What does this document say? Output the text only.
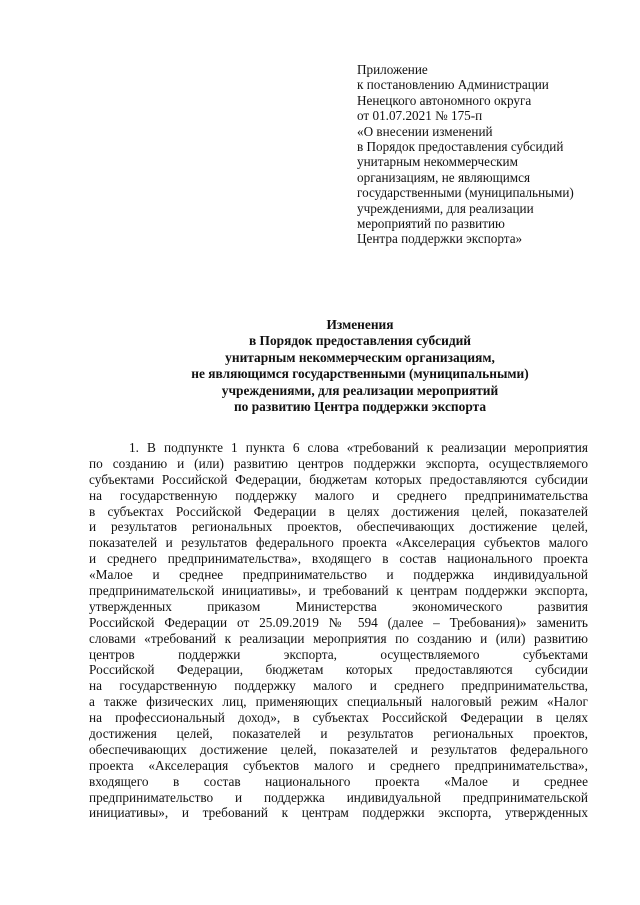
Приложение
к постановлению Администрации
Ненецкого автономного округа
от 01.07.2021 № 175-п
«О внесении изменений
в Порядок предоставления субсидий
унитарным некоммерческим
организациям, не являющимся
государственными (муниципальными)
учреждениями, для реализации
мероприятий по развитию
Центра поддержки экспорта»
Изменения
в Порядок предоставления субсидий
унитарным некоммерческим организациям,
не являющимся государственными (муниципальными)
учреждениями, для реализации мероприятий
по развитию Центра поддержки экспорта
1. В подпункте 1 пункта 6 слова «требований к реализации мероприятия
по созданию и (или) развитию центров поддержки экспорта, осуществляемого
субъектами Российской Федерации, бюджетам которых предоставляются субсидии
на государственную поддержку малого и среднего предпринимательства
в субъектах Российской Федерации в целях достижения целей, показателей
и результатов региональных проектов, обеспечивающих достижение целей,
показателей и результатов федерального проекта «Акселерация субъектов малого
и среднего предпринимательства», входящего в состав национального проекта
«Малое и среднее предпринимательство и поддержка индивидуальной
предпринимательской инициативы», и требований к центрам поддержки экспорта,
утвержденных приказом Министерства экономического развития
Российской Федерации от 25.09.2019 № 594 (далее – Требования)» заменить
словами «требований к реализации мероприятия по созданию и (или) развитию
центров поддержки экспорта, осуществляемого субъектами
Российской Федерации, бюджетам которых предоставляются субсидии
на государственную поддержку малого и среднего предпринимательства,
а также физических лиц, применяющих специальный налоговый режим «Налог
на профессиональный доход», в субъектах Российской Федерации в целях
достижения целей, показателей и результатов региональных проектов,
обеспечивающих достижение целей, показателей и результатов федерального
проекта «Акселерация субъектов малого и среднего предпринимательства»,
входящего в состав национального проекта «Малое и среднее
предпринимательство и поддержка индивидуальной предпринимательской
инициативы», и требований к центрам поддержки экспорта, утвержденных
